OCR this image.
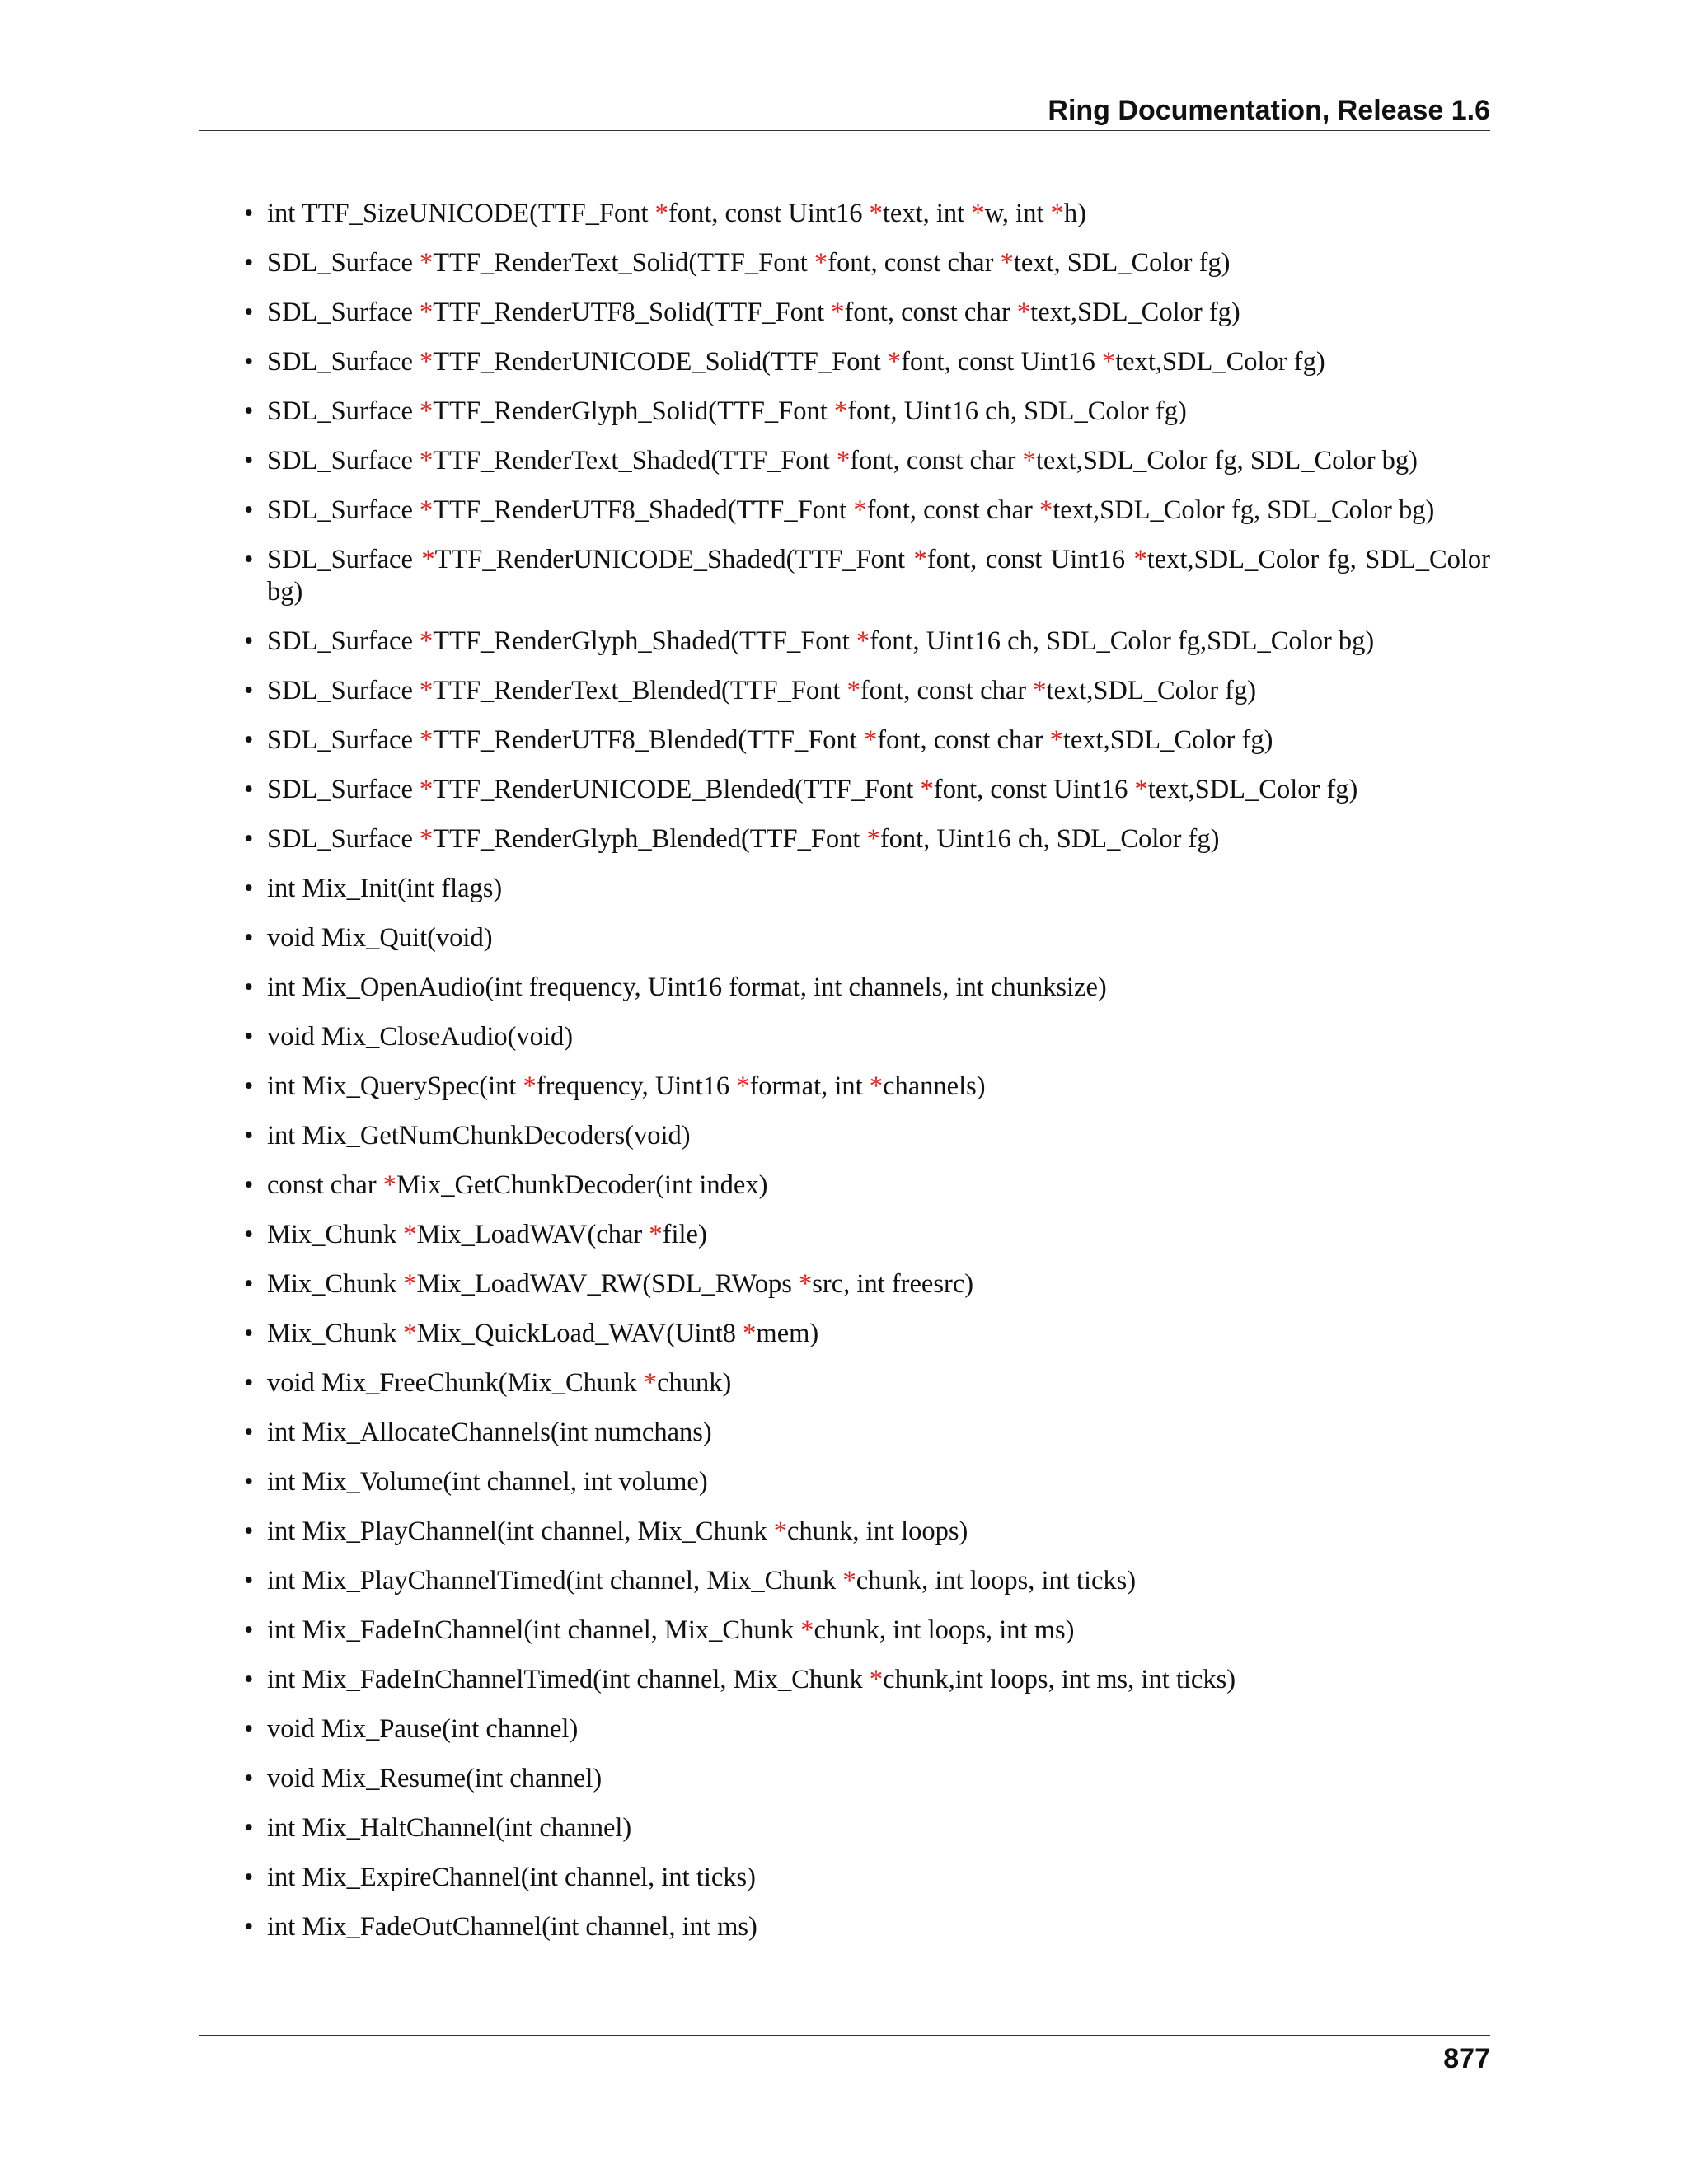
Ring Documentation, Release 1.6
• int TTF_SizeUNICODE(TTF_Font *font, const Uint16 *text, int *w, int *h)
• SDL_Surface *TTF_RenderText_Solid(TTF_Font *font, const char *text, SDL_Color fg)
• SDL_Surface *TTF_RenderUTF8_Solid(TTF_Font *font, const char *text,SDL_Color fg)
• SDL_Surface *TTF_RenderUNICODE_Solid(TTF_Font *font, const Uint16 *text,SDL_Color fg)
• SDL_Surface *TTF_RenderGlyph_Solid(TTF_Font *font, Uint16 ch, SDL_Color fg)
• SDL_Surface *TTF_RenderText_Shaded(TTF_Font *font, const char *text,SDL_Color fg, SDL_Color bg)
• SDL_Surface *TTF_RenderUTF8_Shaded(TTF_Font *font, const char *text,SDL_Color fg, SDL_Color bg)
• SDL_Surface *TTF_RenderUNICODE_Shaded(TTF_Font *font, const Uint16 *text,SDL_Color fg, SDL_Color bg)
• SDL_Surface *TTF_RenderGlyph_Shaded(TTF_Font *font, Uint16 ch, SDL_Color fg,SDL_Color bg)
• SDL_Surface *TTF_RenderText_Blended(TTF_Font *font, const char *text,SDL_Color fg)
• SDL_Surface *TTF_RenderUTF8_Blended(TTF_Font *font, const char *text,SDL_Color fg)
• SDL_Surface *TTF_RenderUNICODE_Blended(TTF_Font *font, const Uint16 *text,SDL_Color fg)
• SDL_Surface *TTF_RenderGlyph_Blended(TTF_Font *font, Uint16 ch, SDL_Color fg)
• int Mix_Init(int flags)
• void Mix_Quit(void)
• int Mix_OpenAudio(int frequency, Uint16 format, int channels, int chunksize)
• void Mix_CloseAudio(void)
• int Mix_QuerySpec(int *frequency, Uint16 *format, int *channels)
• int Mix_GetNumChunkDecoders(void)
• const char *Mix_GetChunkDecoder(int index)
• Mix_Chunk *Mix_LoadWAV(char *file)
• Mix_Chunk *Mix_LoadWAV_RW(SDL_RWops *src, int freesrc)
• Mix_Chunk *Mix_QuickLoad_WAV(Uint8 *mem)
• void Mix_FreeChunk(Mix_Chunk *chunk)
• int Mix_AllocateChannels(int numchans)
• int Mix_Volume(int channel, int volume)
• int Mix_PlayChannel(int channel, Mix_Chunk *chunk, int loops)
• int Mix_PlayChannelTimed(int channel, Mix_Chunk *chunk, int loops, int ticks)
• int Mix_FadeInChannel(int channel, Mix_Chunk *chunk, int loops, int ms)
• int Mix_FadeInChannelTimed(int channel, Mix_Chunk *chunk,int loops, int ms, int ticks)
• void Mix_Pause(int channel)
• void Mix_Resume(int channel)
• int Mix_HaltChannel(int channel)
• int Mix_ExpireChannel(int channel, int ticks)
• int Mix_FadeOutChannel(int channel, int ms)
877
